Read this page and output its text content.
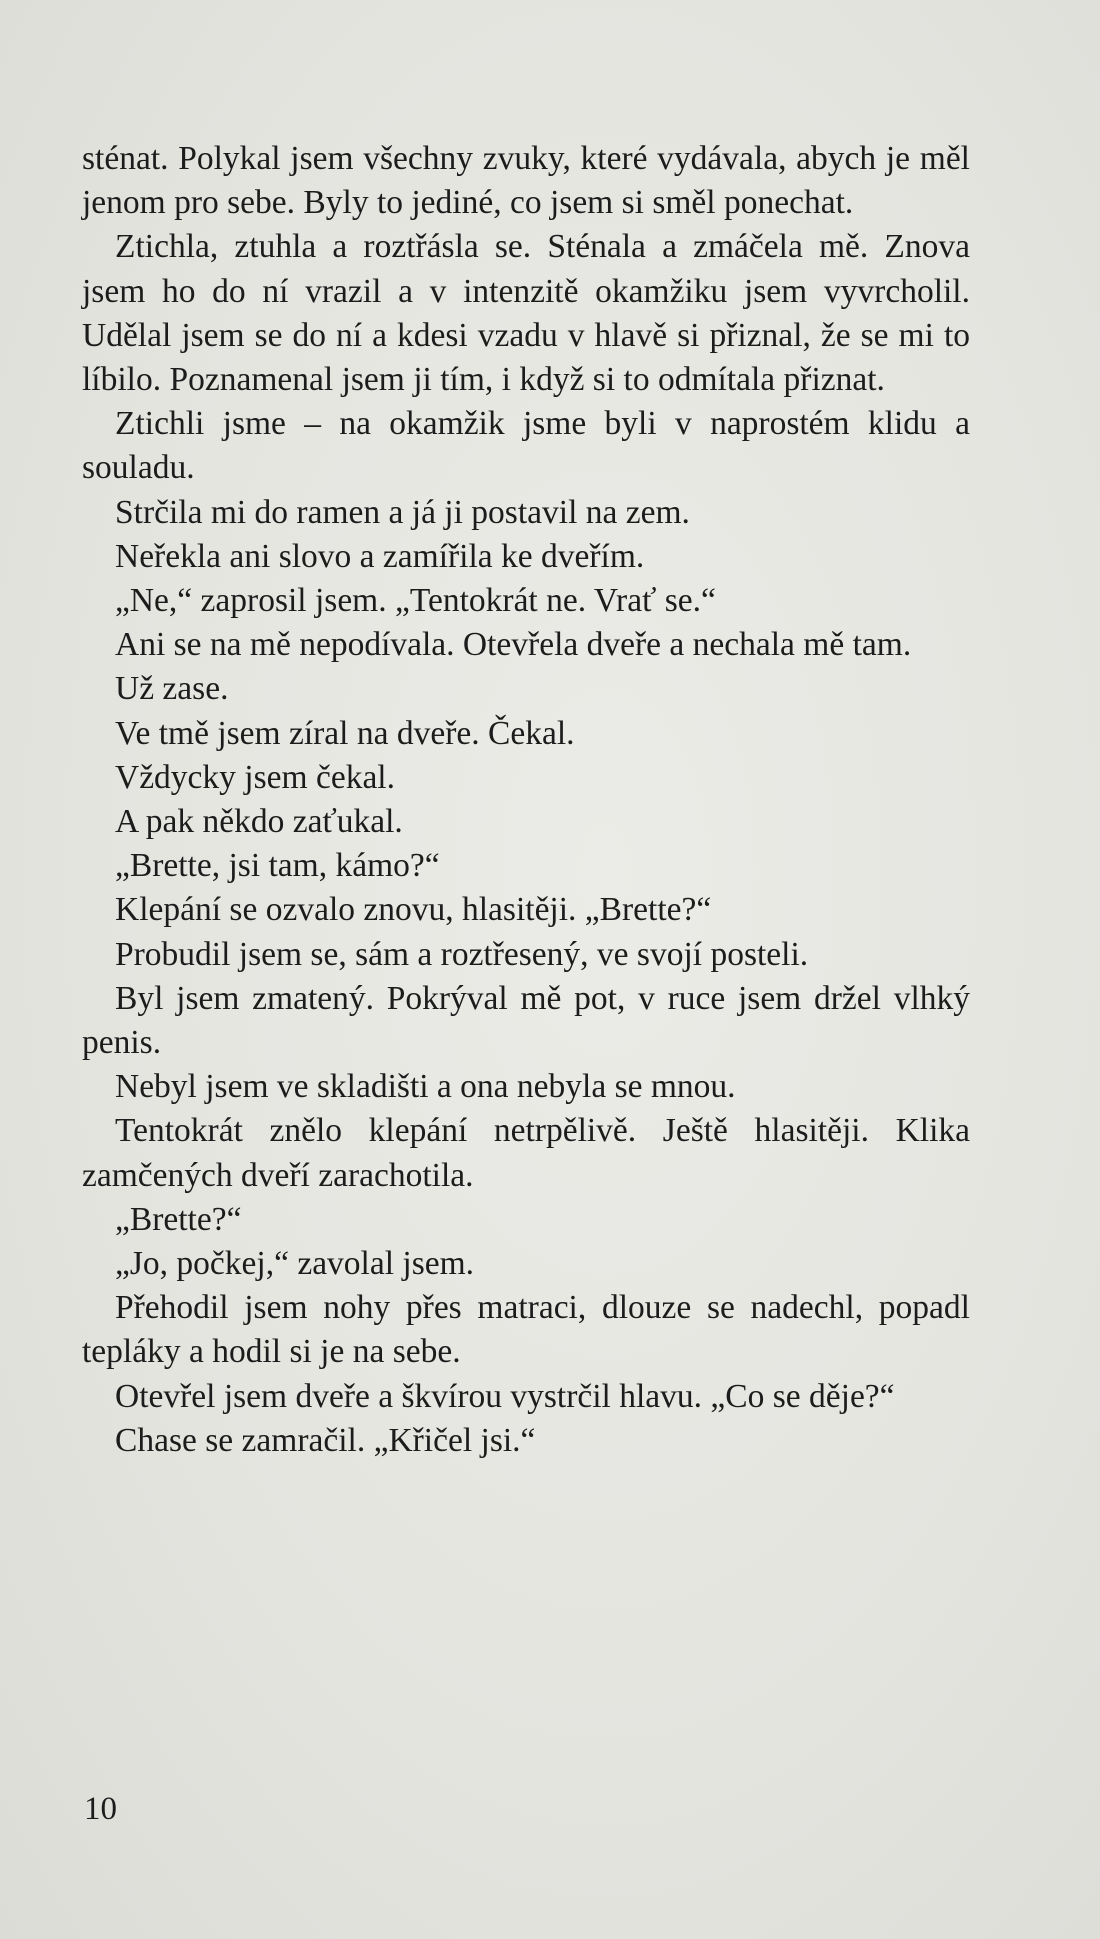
sténat. Polykal jsem všechny zvuky, které vydávala, abych je měl jenom pro sebe. Byly to jediné, co jsem si směl ponechat.

Ztichla, ztuhla a roztřásla se. Sténala a zmáčela mě. Znova jsem ho do ní vrazil a v intenzitě okamžiku jsem vyvrcholil. Udělal jsem se do ní a kdesi vzadu v hlavě si přiznal, že se mi to líbilo. Poznamenal jsem ji tím, i když si to odmítala přiznat.

Ztichli jsme – na okamžik jsme byli v naprostém klidu a souladu.

Strčila mi do ramen a já ji postavil na zem.

Neřekla ani slovo a zamířila ke dveřím.

„Ne,“ zaprosil jsem. „Tentokrát ne. Vrať se.“

Ani se na mě nepodívala. Otevřela dveře a nechala mě tam.

Už zase.

Ve tmě jsem zíral na dveře. Čekal.

Vždycky jsem čekal.

A pak někdo zaťukal.

„Brette, jsi tam, kámo?“

Klepání se ozvalo znovu, hlasitěji. „Brette?“

Probudil jsem se, sám a roztřesený, ve svojí posteli.

Byl jsem zmatený. Pokrýval mě pot, v ruce jsem držel vlhký penis.

Nebyl jsem ve skladišti a ona nebyla se mnou.

Tentokrát znělo klepání netrpělivě. Ještě hlasitěji. Klika zamčených dveří zarachotila.

„Brette?“

„Jo, počkej,“ zavolal jsem.

Přehodil jsem nohy přes matraci, dlouze se nadechl, popadl tepláky a hodil si je na sebe.

Otevřel jsem dveře a škvírou vystrčil hlavu. „Co se děje?“

Chase se zamračil. „Křičel jsi.“

10
